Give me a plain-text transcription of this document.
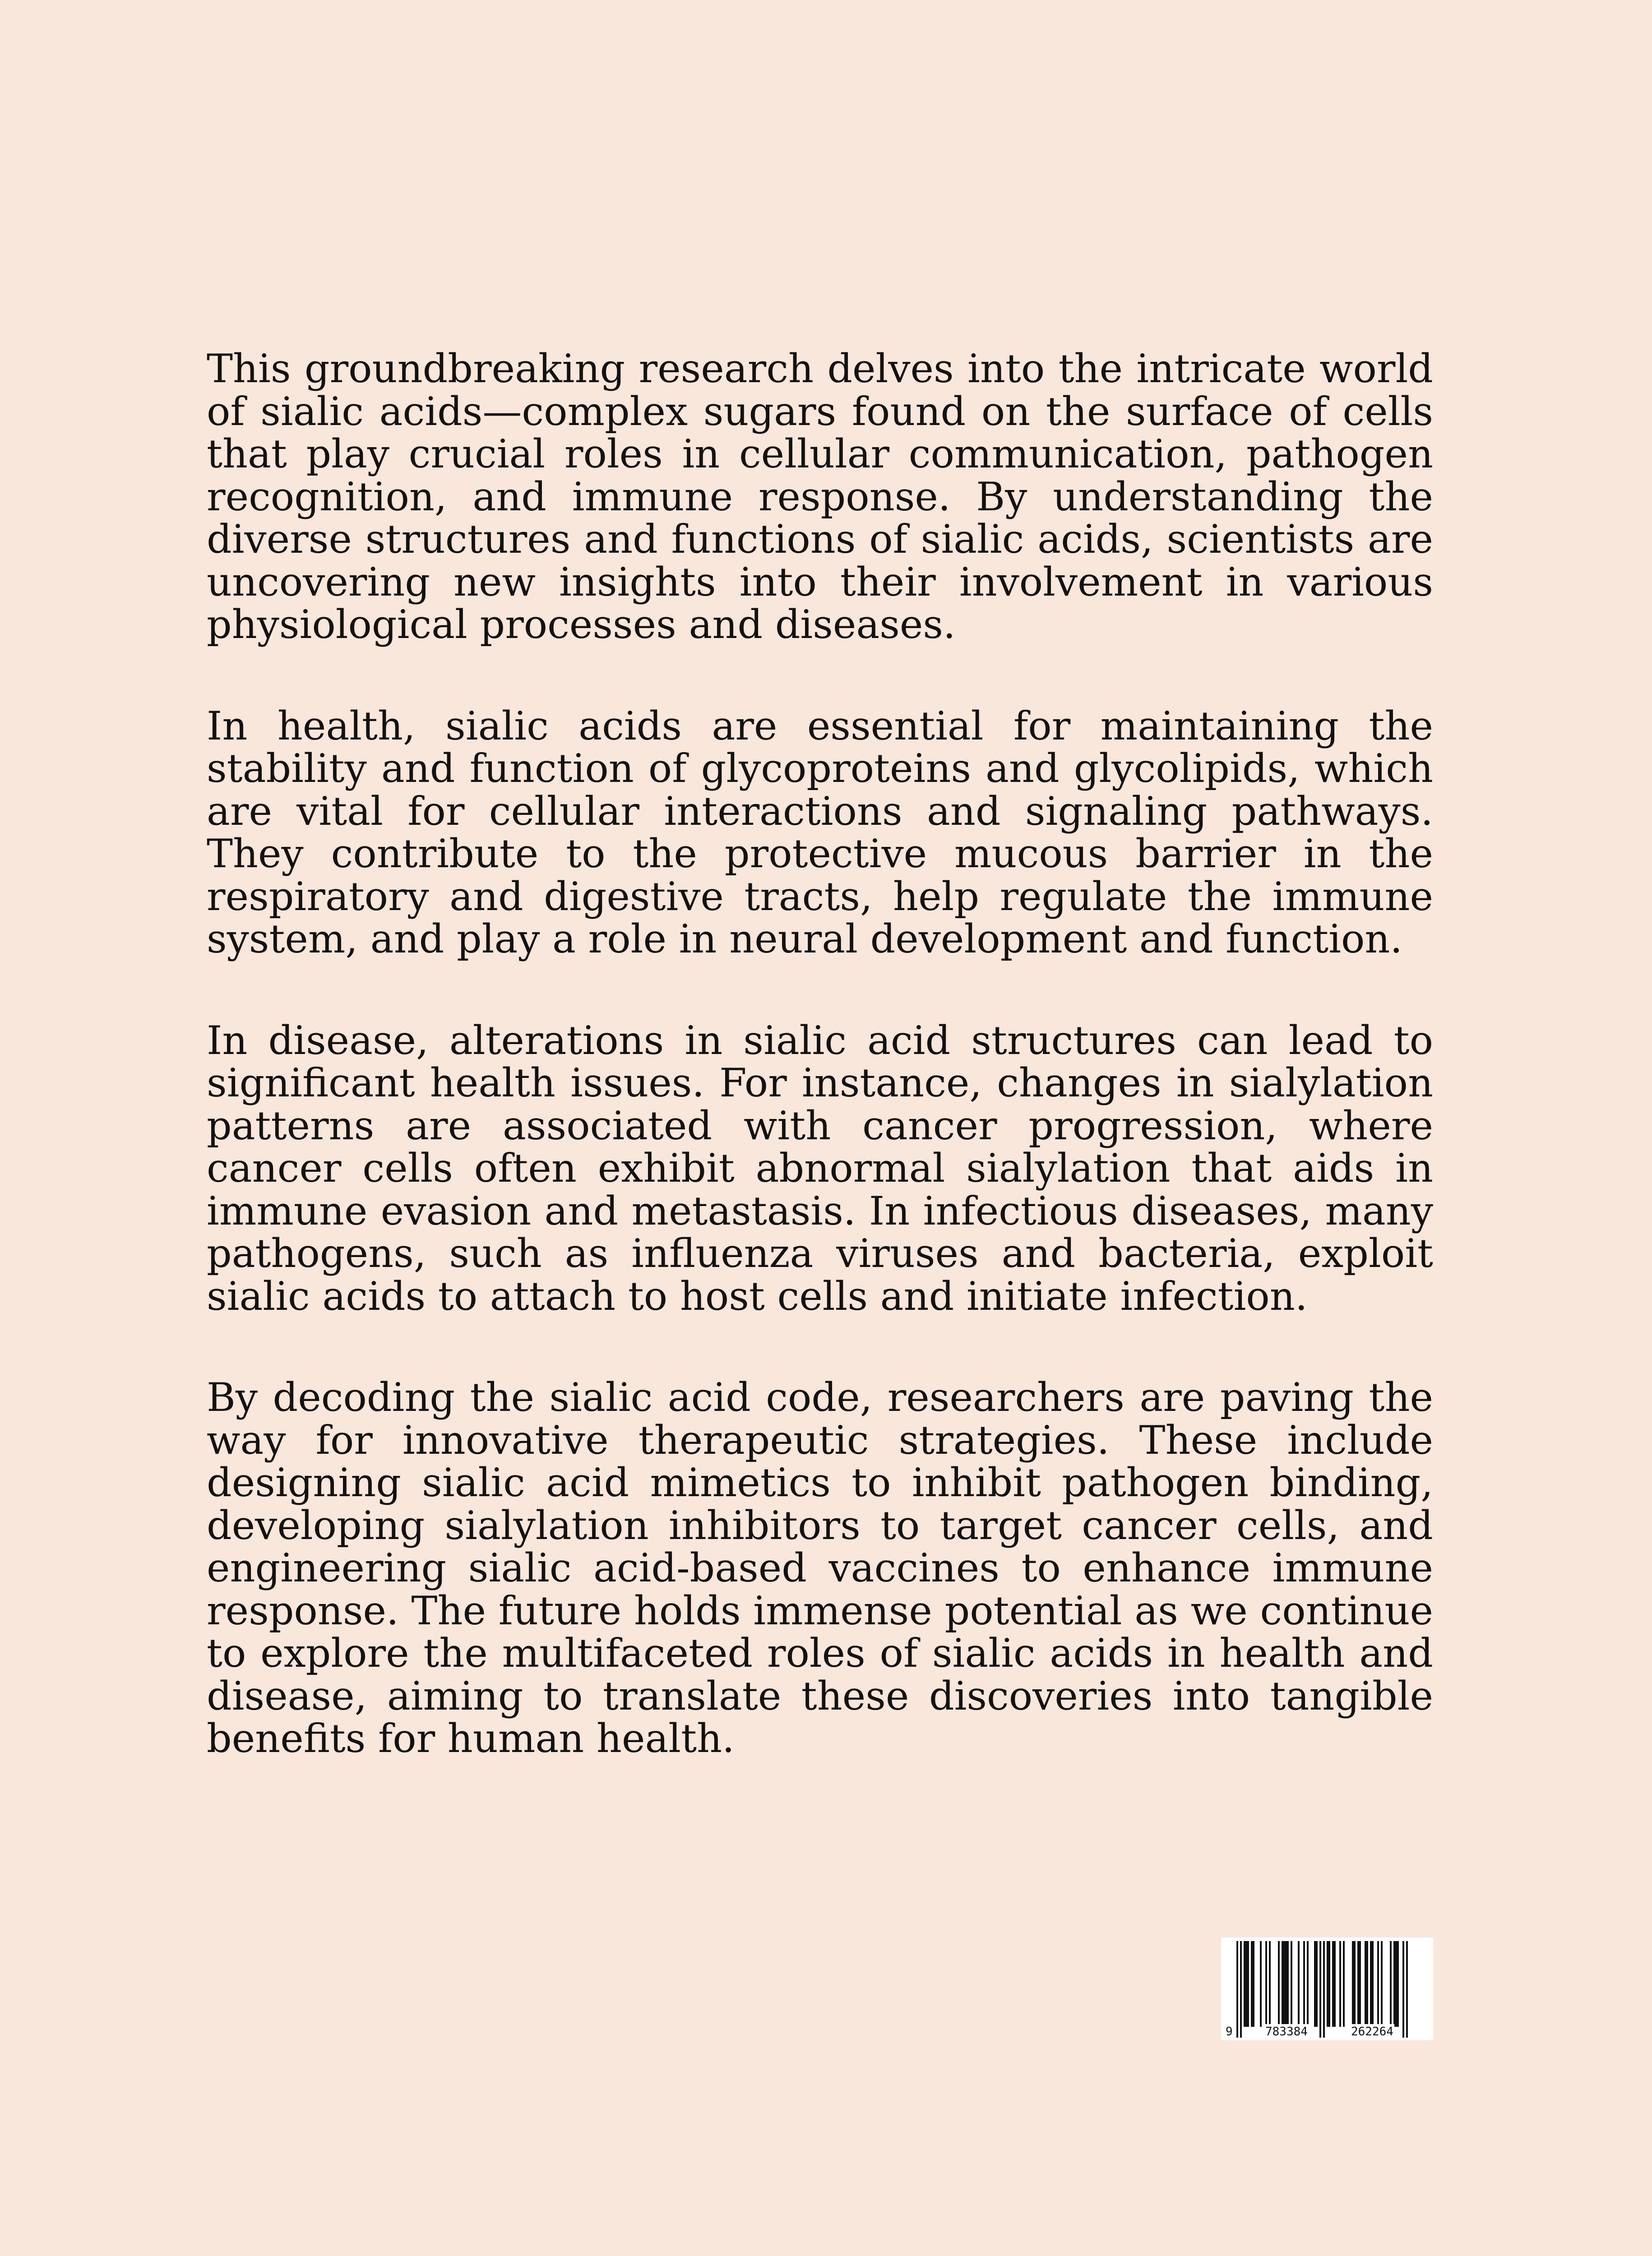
This groundbreaking research delves into the intricate world of sialic acids—complex sugars found on the surface of cells that play crucial roles in cellular communication, pathogen recognition, and immune response. By understanding the diverse structures and functions of sialic acids, scientists are uncovering new insights into their involvement in various physiological processes and diseases.

In health, sialic acids are essential for maintaining the stability and function of glycoproteins and glycolipids, which are vital for cellular interactions and signaling pathways. They contribute to the protective mucous barrier in the respiratory and digestive tracts, help regulate the immune system, and play a role in neural development and function.

In disease, alterations in sialic acid structures can lead to significant health issues. For instance, changes in sialylation patterns are associated with cancer progression, where cancer cells often exhibit abnormal sialylation that aids in immune evasion and metastasis. In infectious diseases, many pathogens, such as influenza viruses and bacteria, exploit sialic acids to attach to host cells and initiate infection.

By decoding the sialic acid code, researchers are paving the way for innovative therapeutic strategies. These include designing sialic acid mimetics to inhibit pathogen binding, developing sialylation inhibitors to target cancer cells, and engineering sialic acid-based vaccines to enhance immune response. The future holds immense potential as we continue to explore the multifaceted roles of sialic acids in health and disease, aiming to translate these discoveries into tangible benefits for human health.

9	783384	262264
